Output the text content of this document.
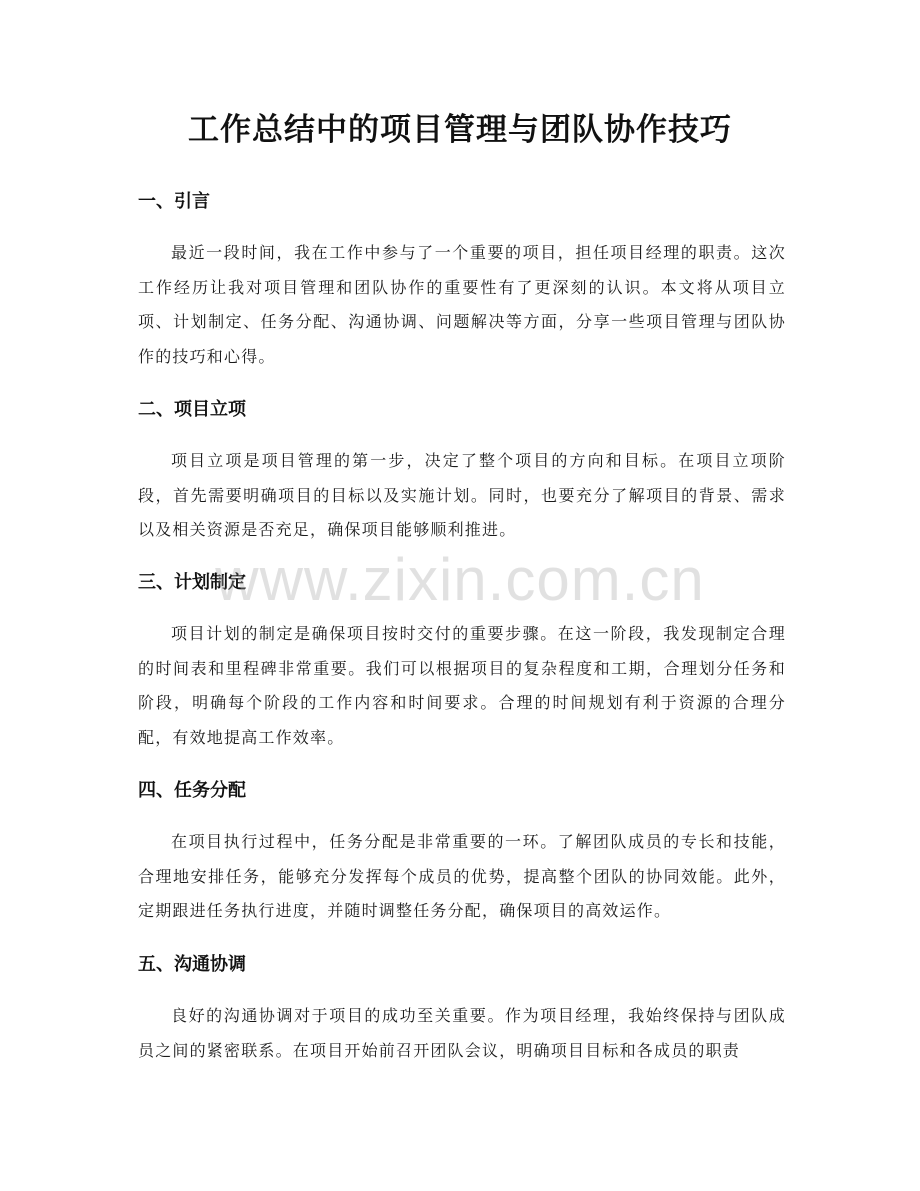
工作总结中的项目管理与团队协作技巧
一、引言
最近一段时间，我在工作中参与了一个重要的项目，担任项目经理的职责。这次工作经历让我对项目管理和团队协作的重要性有了更深刻的认识。本文将从项目立项、计划制定、任务分配、沟通协调、问题解决等方面，分享一些项目管理与团队协作的技巧和心得。
二、项目立项
项目立项是项目管理的第一步，决定了整个项目的方向和目标。在项目立项阶段，首先需要明确项目的目标以及实施计划。同时，也要充分了解项目的背景、需求以及相关资源是否充足，确保项目能够顺利推进。
三、计划制定
项目计划的制定是确保项目按时交付的重要步骤。在这一阶段，我发现制定合理的时间表和里程碑非常重要。我们可以根据项目的复杂程度和工期，合理划分任务和阶段，明确每个阶段的工作内容和时间要求。合理的时间规划有利于资源的合理分配，有效地提高工作效率。
四、任务分配
在项目执行过程中，任务分配是非常重要的一环。了解团队成员的专长和技能，合理地安排任务，能够充分发挥每个成员的优势，提高整个团队的协同效能。此外，定期跟进任务执行进度，并随时调整任务分配，确保项目的高效运作。
五、沟通协调
良好的沟通协调对于项目的成功至关重要。作为项目经理，我始终保持与团队成员之间的紧密联系。在项目开始前召开团队会议，明确项目目标和各成员的职责
www.zixin.com.cn
